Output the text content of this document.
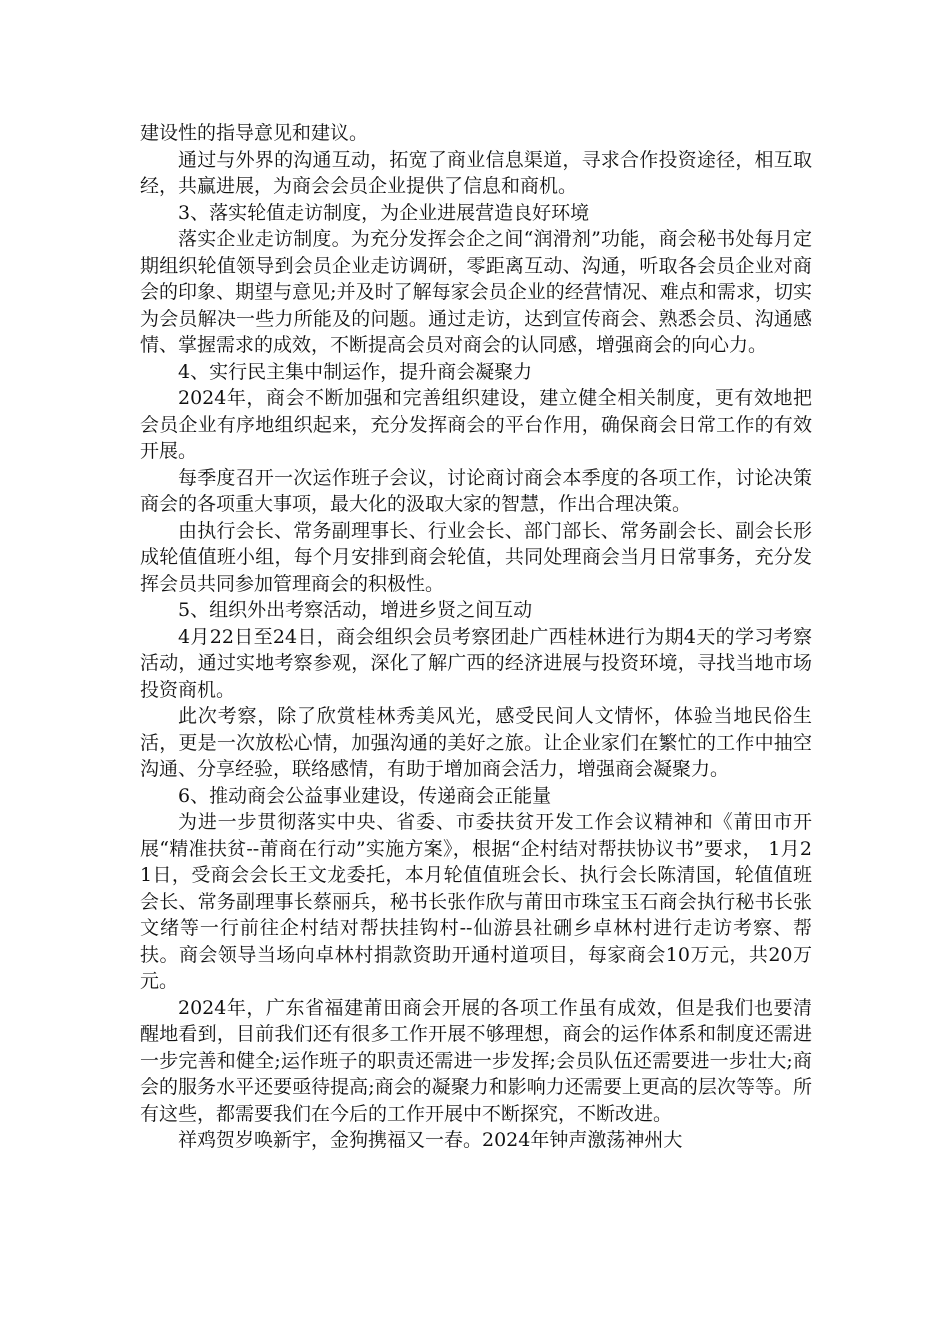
建设性的指导意见和建议。

通过与外界的沟通互动，拓宽了商业信息渠道，寻求合作投资途径，相互取经，共赢进展，为商会会员企业提供了信息和商机。

3、落实轮值走访制度，为企业进展营造良好环境

落实企业走访制度。为充分发挥会企之间“润滑剂”功能，商会秘书处每月定期组织轮值领导到会员企业走访调研，零距离互动、沟通，听取各会员企业对商会的印象、期望与意见;并及时了解每家会员企业的经营情况、难点和需求，切实为会员解决一些力所能及的问题。通过走访，达到宣传商会、熟悉会员、沟通感情、掌握需求的成效，不断提高会员对商会的认同感，增强商会的向心力。

4、实行民主集中制运作，提升商会凝聚力

2024年，商会不断加强和完善组织建设，建立健全相关制度，更有效地把会员企业有序地组织起来，充分发挥商会的平台作用，确保商会日常工作的有效开展。

每季度召开一次运作班子会议，讨论商讨商会本季度的各项工作，讨论决策商会的各项重大事项，最大化的汲取大家的智慧，作出合理决策。

由执行会长、常务副理事长、行业会长、部门部长、常务副会长、副会长形成轮值值班小组，每个月安排到商会轮值，共同处理商会当月日常事务，充分发挥会员共同参加管理商会的积极性。

5、组织外出考察活动，增进乡贤之间互动

4月22日至24日，商会组织会员考察团赴广西桂林进行为期4天的学习考察活动，通过实地考察参观，深化了解广西的经济进展与投资环境，寻找当地市场投资商机。

此次考察，除了欣赏桂林秀美风光，感受民间人文情怀，体验当地民俗生活，更是一次放松心情，加强沟通的美好之旅。让企业家们在繁忙的工作中抽空沟通、分享经验，联络感情，有助于增加商会活力，增强商会凝聚力。

6、推动商会公益事业建设，传递商会正能量

为进一步贯彻落实中央、省委、市委扶贫开发工作会议精神和《莆田市开展“精准扶贫--莆商在行动”实施方案》，根据“企村结对帮扶协议书”要求， 1月21日，受商会会长王文龙委托，本月轮值值班会长、执行会长陈清国，轮值值班会长、常务副理事长蔡丽兵，秘书长张作欣与莆田市珠宝玉石商会执行秘书长张文绪等一行前往企村结对帮扶挂钩村--仙游县社硎乡卓林村进行走访考察、帮扶。商会领导当场向卓林村捐款资助开通村道项目，每家商会10万元，共20万元。

2024年，广东省福建莆田商会开展的各项工作虽有成效，但是我们也要清醒地看到，目前我们还有很多工作开展不够理想，商会的运作体系和制度还需进一步完善和健全;运作班子的职责还需进一步发挥;会员队伍还需要进一步壮大;商会的服务水平还要亟待提高;商会的凝聚力和影响力还需要上更高的层次等等。所有这些，都需要我们在今后的工作开展中不断探究，不断改进。

祥鸡贺岁唤新宇，金狗携福又一春。2024年钟声激荡神州大
